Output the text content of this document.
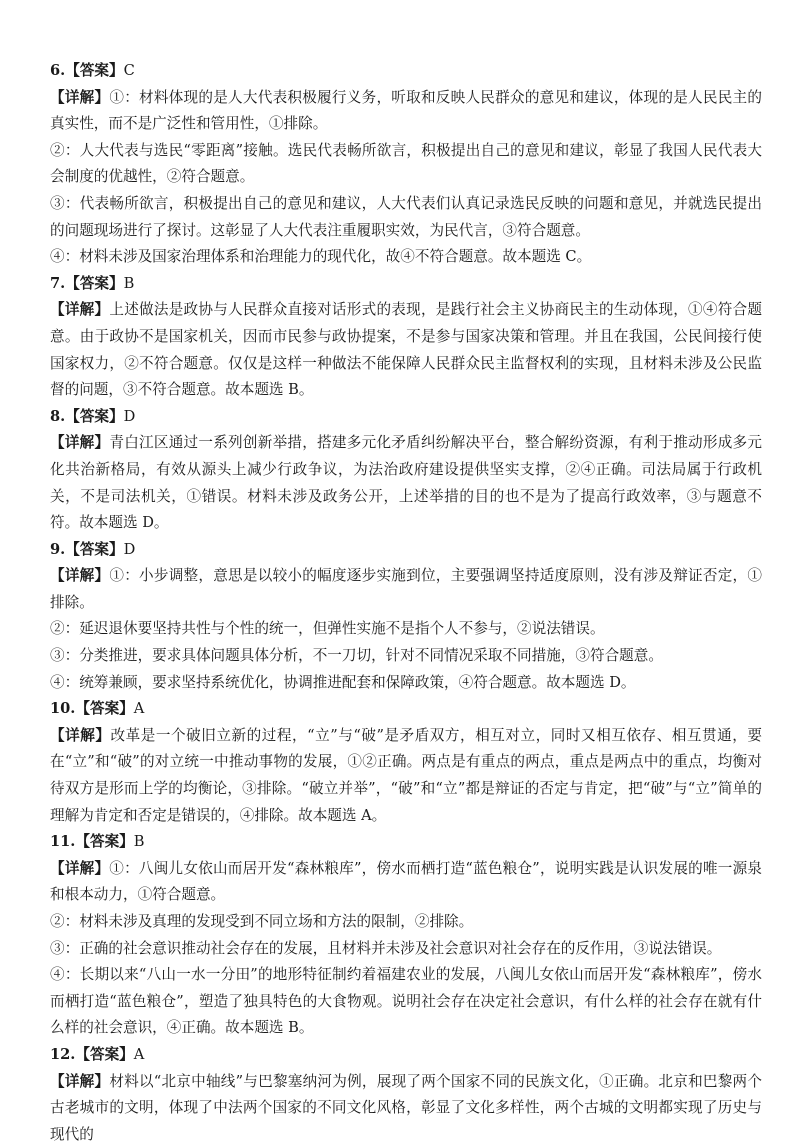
6.【答案】C

【详解】①：材料体现的是人大代表积极履行义务，听取和反映人民群众的意见和建议，体现的是人民民主的真实性，而不是广泛性和管用性，①排除。

②：人大代表与选民“零距离”接触。选民代表畅所欲言，积极提出自己的意见和建议，彰显了我国人民代表大会制度的优越性，②符合题意。

③：代表畅所欲言，积极提出自己的意见和建议，人大代表们认真记录选民反映的问题和意见，并就选民提出的问题现场进行了探讨。这彰显了人大代表注重履职实效，为民代言，③符合题意。

④：材料未涉及国家治理体系和治理能力的现代化，故④不符合题意。故本题选 C。

7.【答案】B

【详解】上述做法是政协与人民群众直接对话形式的表现，是践行社会主义协商民主的生动体现，①④符合题意。由于政协不是国家机关，因而市民参与政协提案，不是参与国家决策和管理。并且在我国，公民间接行使国家权力，②不符合题意。仅仅是这样一种做法不能保障人民群众民主监督权利的实现，且材料未涉及公民监督的问题，③不符合题意。故本题选 B。

8.【答案】D

【详解】青白江区通过一系列创新举措，搭建多元化矛盾纠纷解决平台，整合解纷资源，有利于推动形成多元化共治新格局，有效从源头上减少行政争议，为法治政府建设提供坚实支撑，②④正确。司法局属于行政机关，不是司法机关，①错误。材料未涉及政务公开，上述举措的目的也不是为了提高行政效率，③与题意不符。故本题选 D。

9.【答案】D

【详解】①：小步调整，意思是以较小的幅度逐步实施到位，主要强调坚持适度原则，没有涉及辩证否定，①排除。

②：延迟退休要坚持共性与个性的统一，但弹性实施不是指个人不参与，②说法错误。

③：分类推进，要求具体问题具体分析，不一刀切，针对不同情况采取不同措施，③符合题意。

④：统筹兼顾，要求坚持系统优化，协调推进配套和保障政策，④符合题意。故本题选 D。

10.【答案】A

【详解】改革是一个破旧立新的过程，“立”与“破”是矛盾双方，相互对立，同时又相互依存、相互贯通，要在“立”和“破”的对立统一中推动事物的发展，①②正确。两点是有重点的两点，重点是两点中的重点，均衡对待双方是形而上学的均衡论，③排除。“破立并举”，“破”和“立”都是辩证的否定与肯定，把“破”与“立”简单的理解为肯定和否定是错误的，④排除。故本题选 A。

11.【答案】B

【详解】①：八闽儿女依山而居开发“森林粮库”，傍水而栖打造“蓝色粮仓”，说明实践是认识发展的唯一源泉和根本动力，①符合题意。

②：材料未涉及真理的发现受到不同立场和方法的限制，②排除。

③：正确的社会意识推动社会存在的发展，且材料并未涉及社会意识对社会存在的反作用，③说法错误。

④：长期以来“八山一水一分田”的地形特征制约着福建农业的发展，八闽儿女依山而居开发“森林粮库”，傍水而栖打造“蓝色粮仓”，塑造了独具特色的大食物观。说明社会存在决定社会意识，有什么样的社会存在就有什么样的社会意识，④正确。故本题选 B。

12.【答案】A

【详解】材料以“北京中轴线”与巴黎塞纳河为例，展现了两个国家不同的民族文化，①正确。北京和巴黎两个古老城市的文明，体现了中法两个国家的不同文化风格，彰显了文化多样性，两个古城的文明都实现了历史与现代的
